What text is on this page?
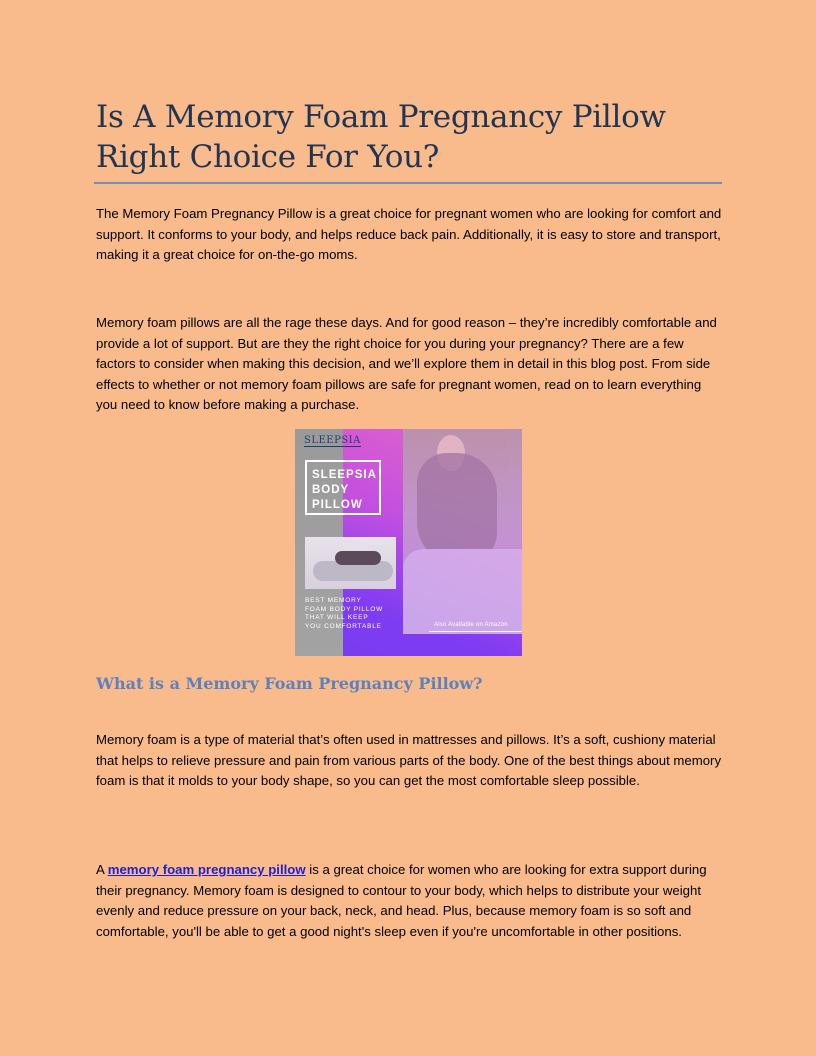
Is A Memory Foam Pregnancy Pillow Right Choice For You?

The Memory Foam Pregnancy Pillow is a great choice for pregnant women who are looking for comfort and support. It conforms to your body, and helps reduce back pain. Additionally, it is easy to store and transport, making it a great choice for on-the-go moms.

Memory foam pillows are all the rage these days. And for good reason – they’re incredibly comfortable and provide a lot of support. But are they the right choice for you during your pregnancy? There are a few factors to consider when making this decision, and we’ll explore them in detail in this blog post. From side effects to whether or not memory foam pillows are safe for pregnant women, read on to learn everything you need to know before making a purchase.

What is a Memory Foam Pregnancy Pillow?

Memory foam is a type of material that’s often used in mattresses and pillows. It’s a soft, cushiony material that helps to relieve pressure and pain from various parts of the body. One of the best things about memory foam is that it molds to your body shape, so you can get the most comfortable sleep possible.

A memory foam pregnancy pillow is a great choice for women who are looking for extra support during their pregnancy. Memory foam is designed to contour to your body, which helps to distribute your weight evenly and reduce pressure on your back, neck, and head. Plus, because memory foam is so soft and comfortable, you'll be able to get a good night's sleep even if you're uncomfortable in other positions.

SLEEPSIA
SLEEPSIA
BODY
PILLOW
BEST MEMORY
FOAM BODY PILLOW
THAT WILL KEEP
YOU COMFORTABLE	Also Available on Amazon
